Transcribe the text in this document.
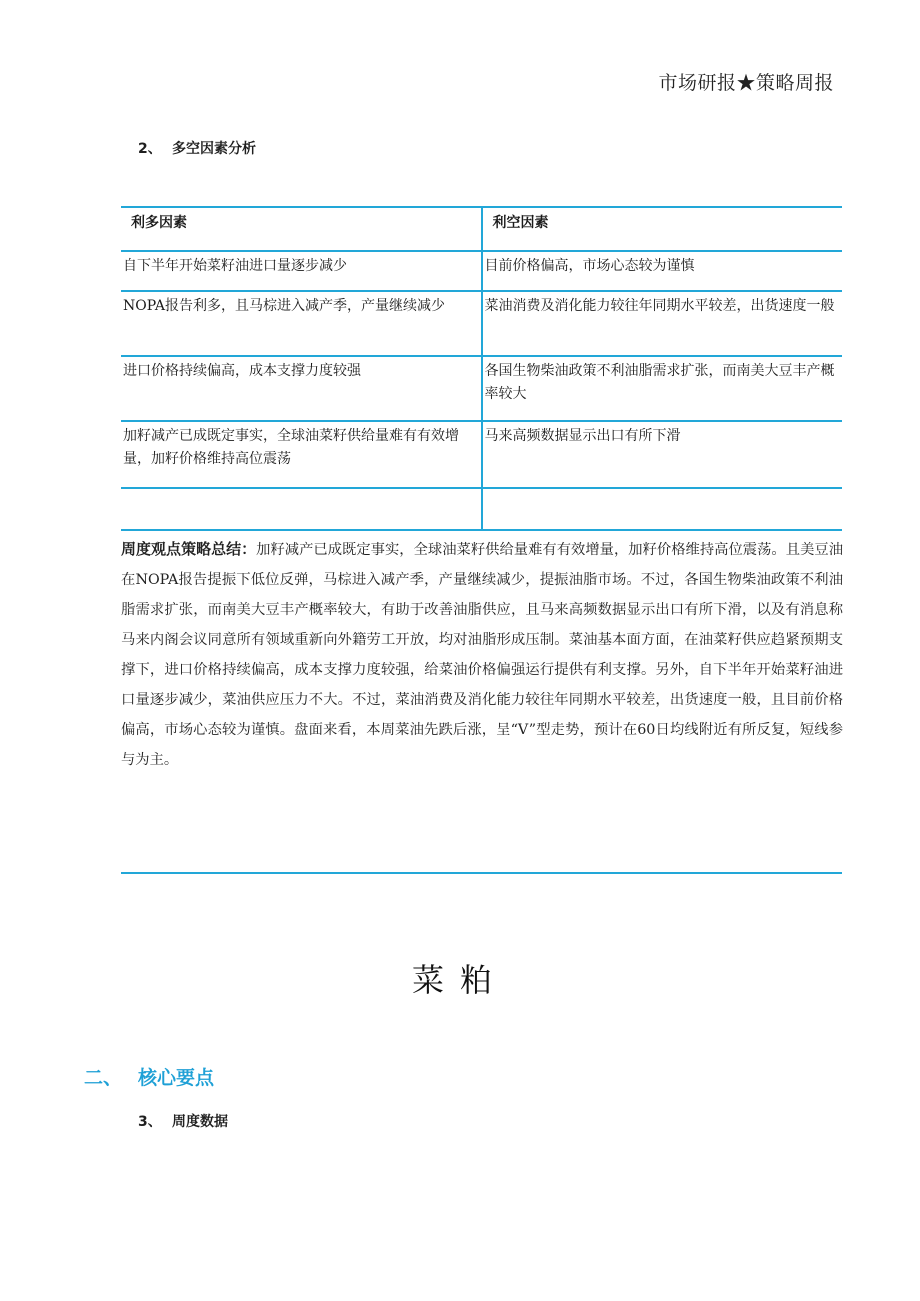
市场研报★策略周报
2、 多空因素分析
利多因素	利空因素
自下半年开始菜籽油进口量逐步减少	目前价格偏高，市场心态较为谨慎
NOPA报告利多，且马棕进入减产季，产量继续减少	菜油消费及消化能力较往年同期水平较差，出货速度一般
进口价格持续偏高，成本支撑力度较强	各国生物柴油政策不利油脂需求扩张，而南美大豆丰产概率较大
加籽减产已成既定事实，全球油菜籽供给量难有有效增量，加籽价格维持高位震荡	马来高频数据显示出口有所下滑

周度观点策略总结：加籽减产已成既定事实，全球油菜籽供给量难有有效增量，加籽价格维持高位震荡。且美豆油在NOPA报告提振下低位反弹，马棕进入减产季，产量继续减少，提振油脂市场。不过，各国生物柴油政策不利油脂需求扩张，而南美大豆丰产概率较大，有助于改善油脂供应，且马来高频数据显示出口有所下滑，以及有消息称马来内阁会议同意所有领域重新向外籍劳工开放，均对油脂形成压制。菜油基本面方面，在油菜籽供应趋紧预期支撑下，进口价格持续偏高，成本支撑力度较强，给菜油价格偏强运行提供有利支撑。另外，自下半年开始菜籽油进口量逐步减少，菜油供应压力不大。不过，菜油消费及消化能力较往年同期水平较差，出货速度一般，且目前价格偏高，市场心态较为谨慎。盘面来看，本周菜油先跌后涨，呈“V”型走势，预计在60日均线附近有所反复，短线参与为主。
菜粕
二、 核心要点
3、 周度数据
